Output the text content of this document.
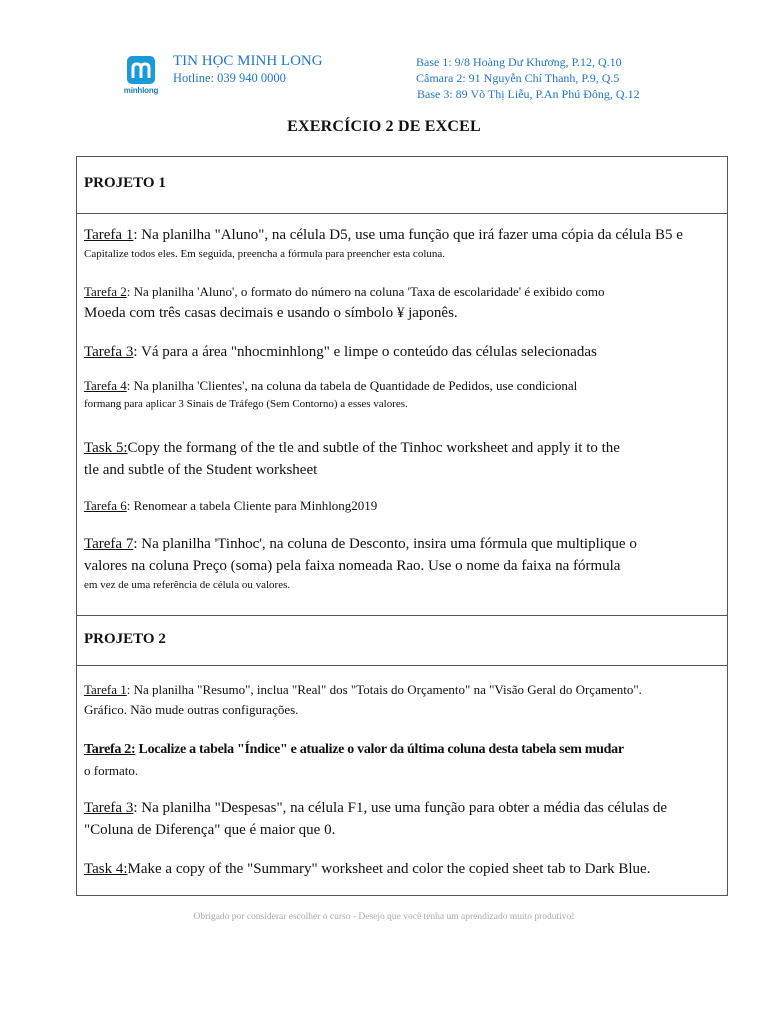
minhlong
TIN HỌC MINH LONG
Hotline: 039 940 0000
Base 1: 9/8 Hoàng Dư Khương, P.12, Q.10
Câmara 2: 91 Nguyễn Chí Thanh, P.9, Q.5
Base 3: 89 Võ Thị Liễu, P.An Phú Đông, Q.12
EXERCÍCIO 2 DE EXCEL
PROJETO 1
Tarefa 1: Na planilha "Aluno", na célula D5, use uma função que irá fazer uma cópia da célula B5 e
Capitalize todos eles. Em seguida, preencha a fórmula para preencher esta coluna.
Tarefa 2: Na planilha 'Aluno', o formato do número na coluna 'Taxa de escolaridade' é exibido como
Moeda com três casas decimais e usando o símbolo ¥ japonês.
Tarefa 3: Vá para a área "nhocminhlong" e limpe o conteúdo das células selecionadas
Tarefa 4: Na planilha 'Clientes', na coluna da tabela de Quantidade de Pedidos, use condicional
formang para aplicar 3 Sinais de Tráfego (Sem Contorno) a esses valores.
Task 5:Copy the formang of the tle and subtle of the Tinhoc worksheet and apply it to the
tle and subtle of the Student worksheet
Tarefa 6: Renomear a tabela Cliente para Minhlong2019
Tarefa 7: Na planilha 'Tinhoc', na coluna de Desconto, insira uma fórmula que multiplique o
valores na coluna Preço (soma) pela faixa nomeada Rao. Use o nome da faixa na fórmula
em vez de uma referência de célula ou valores.
PROJETO 2
Tarefa 1: Na planilha "Resumo", inclua "Real" dos "Totais do Orçamento" na "Visão Geral do Orçamento".
Gráfico. Não mude outras configurações.
Tarefa 2: Localize a tabela "Índice" e atualize o valor da última coluna desta tabela sem mudar
o formato.
Tarefa 3: Na planilha "Despesas", na célula F1, use uma função para obter a média das células de
"Coluna de Diferença" que é maior que 0.
Task 4:Make a copy of the "Summary" worksheet and color the copied sheet tab to Dark Blue.
Obrigado por considerar escolher o curso - Desejo que você tenha um aprendizado muito produtivo!
